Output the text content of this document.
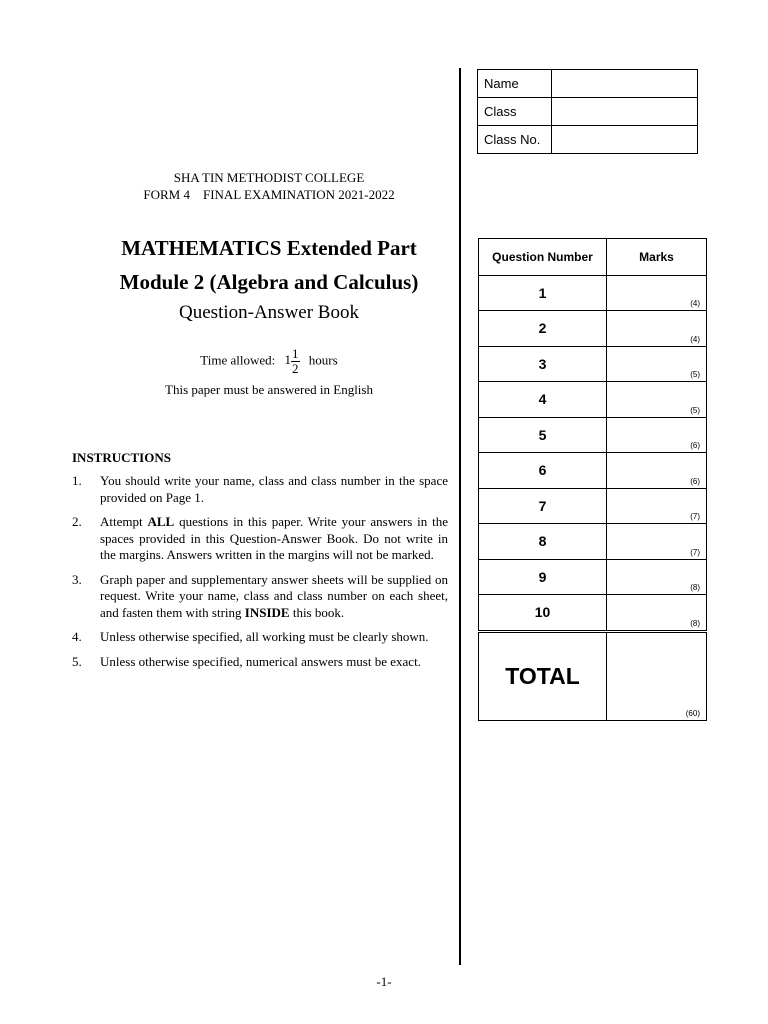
Name	
Class	
Class No.	
SHA TIN METHODIST COLLEGE
FORM 4    FINAL EXAMINATION 2021-2022
MATHEMATICS Extended Part
Module 2 (Algebra and Calculus)
Question-Answer Book
Time allowed: $1 \frac{1}{2}$ hours
This paper must be answered in English
INSTRUCTIONS
1.	You should write your name, class and class number in the space provided on Page 1.
2.	Attempt ALL questions in this paper. Write your answers in the spaces provided in this Question-Answer Book. Do not write in the margins. Answers written in the margins will not be marked.
3.	Graph paper and supplementary answer sheets will be supplied on request. Write your name, class and class number on each sheet, and fasten them with string INSIDE this book.
4.	Unless otherwise specified, all working must be clearly shown.
5.	Unless otherwise specified, numerical answers must be exact.
Question Number	Marks
1	(4)

2	(4)

3	(5)

4	(5)

5	(6)

6	(6)

7	(7)

8	(7)

9	(8)

10	(8)

TOTAL	(60)
-1-
